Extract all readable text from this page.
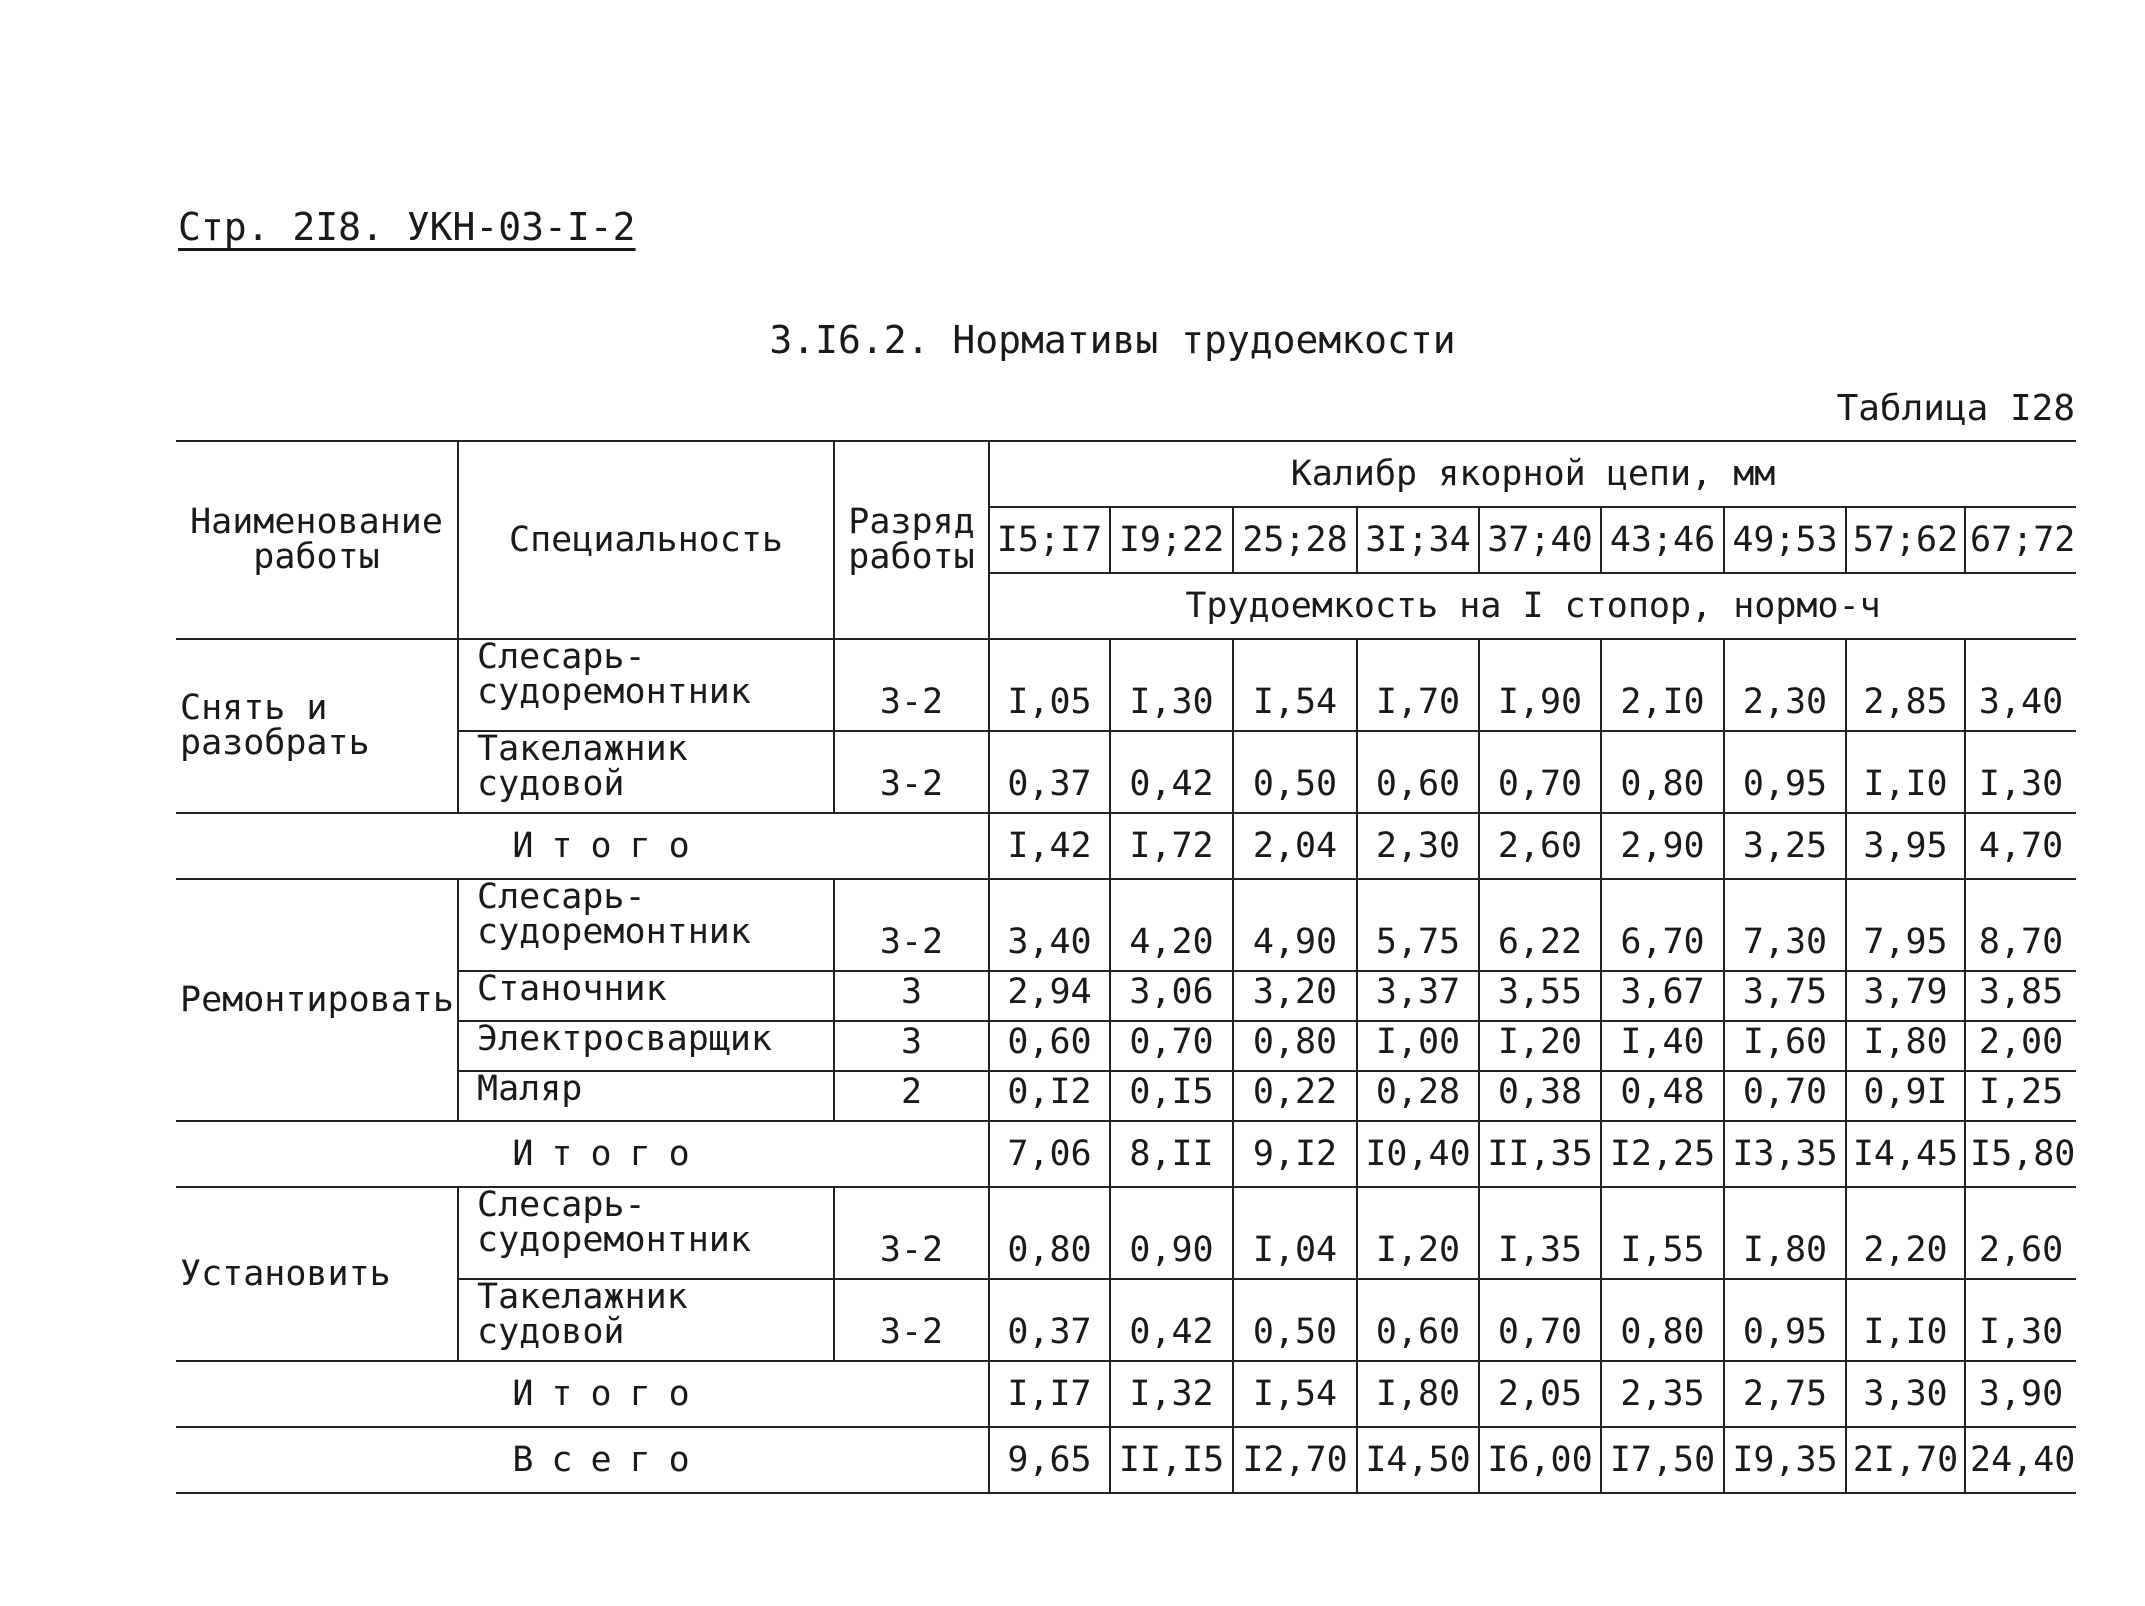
Стр. 2I8. УКН-03-I-2
3.I6.2. Нормативы трудоемкости
Таблица I28
Наименование работы	Специальность	Разряд работы	Калибр якорной цепи, мм								
			I5;I7	I9;22	25;28	3I;34	37;40	43;46	49;53	57;62	67;72
			Трудоемкость на I стопор, нормо-ч								
Снять и разобрать	Слесарь-судоремонтник	3-2	I,05	I,30	I,54	I,70	I,90	2,I0	2,30	2,85	3,40
	Такелажник судовой	3-2	0,37	0,42	0,50	0,60	0,70	0,80	0,95	I,I0	I,30
Итого			I,42	I,72	2,04	2,30	2,60	2,90	3,25	3,95	4,70
Ремонтировать	Слесарь-судоремонтник	3-2	3,40	4,20	4,90	5,75	6,22	6,70	7,30	7,95	8,70
	Станочник	3	2,94	3,06	3,20	3,37	3,55	3,67	3,75	3,79	3,85
	Электросварщик	3	0,60	0,70	0,80	I,00	I,20	I,40	I,60	I,80	2,00
	Маляр	2	0,I2	0,I5	0,22	0,28	0,38	0,48	0,70	0,9I	I,25
Итого			7,06	8,II	9,I2	I0,40	II,35	I2,25	I3,35	I4,45	I5,80
Установить	Слесарь-судоремонтник	3-2	0,80	0,90	I,04	I,20	I,35	I,55	I,80	2,20	2,60
	Такелажник судовой	3-2	0,37	0,42	0,50	0,60	0,70	0,80	0,95	I,I0	I,30
Итого			I,I7	I,32	I,54	I,80	2,05	2,35	2,75	3,30	3,90
Всего			9,65	II,I5	I2,70	I4,50	I6,00	I7,50	I9,35	2I,70	24,40
